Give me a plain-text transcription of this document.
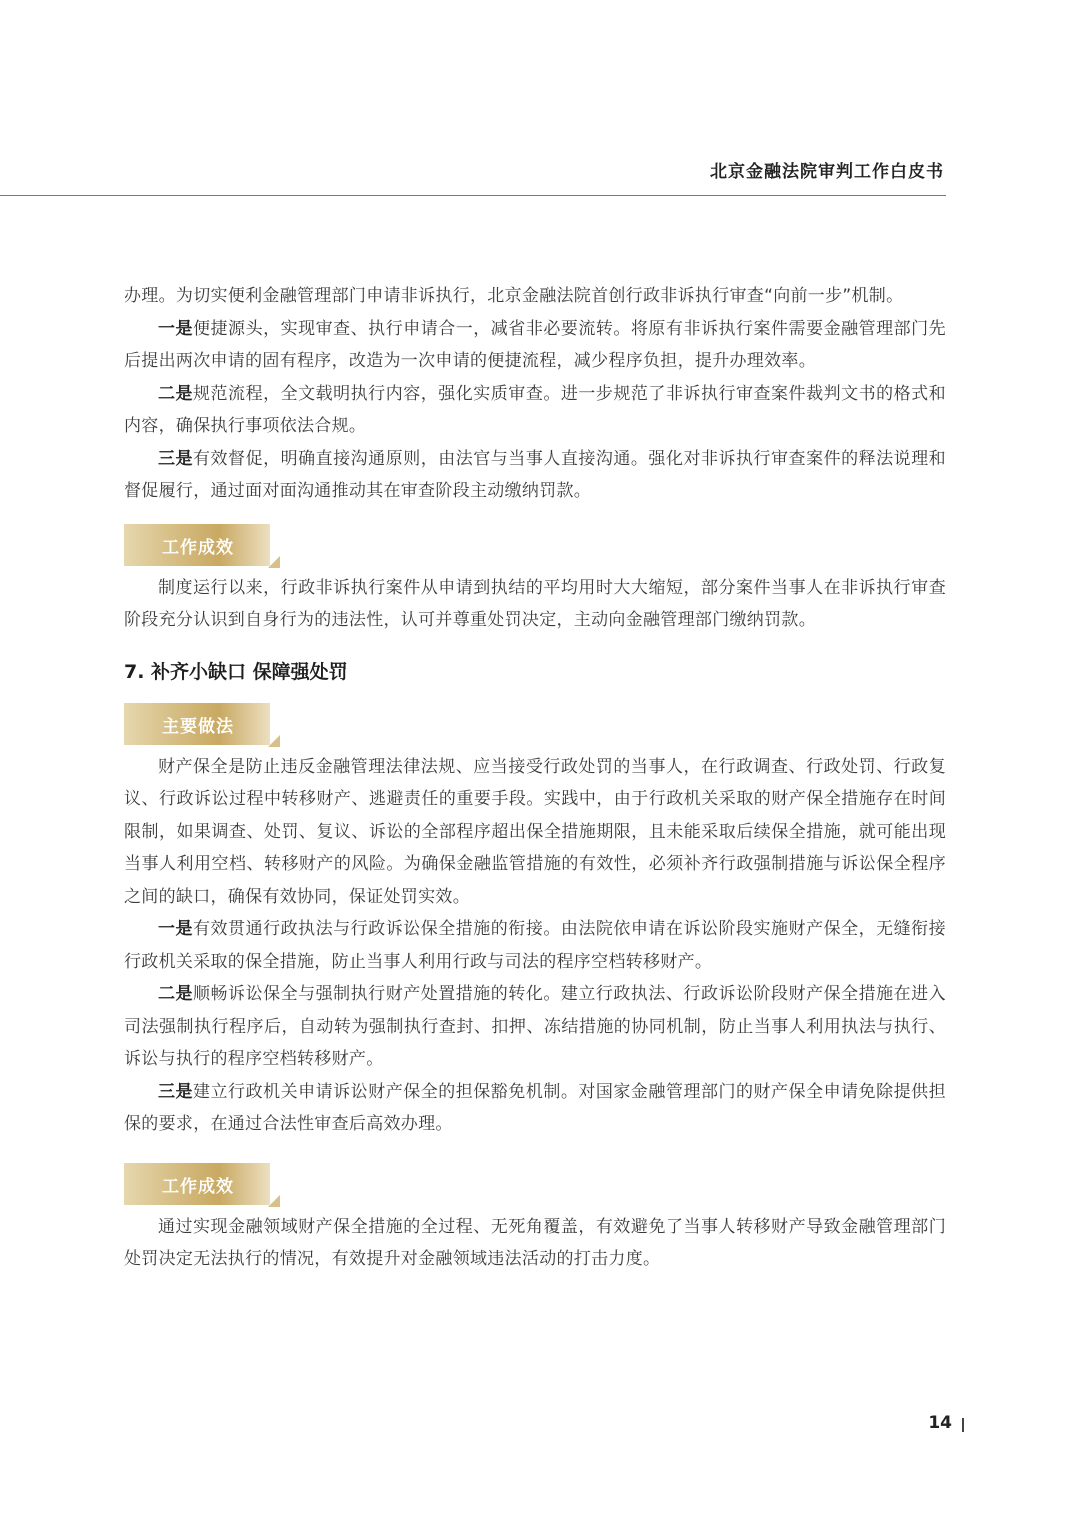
北京金融法院审判工作白皮书

办理。为切实便利金融管理部门申请非诉执行，北京金融法院首创行政非诉执行审查“向前一步”机制。

一是便捷源头，实现审查、执行申请合一，减省非必要流转。将原有非诉执行案件需要金融管理部门先后提出两次申请的固有程序，改造为一次申请的便捷流程，减少程序负担，提升办理效率。

二是规范流程，全文载明执行内容，强化实质审查。进一步规范了非诉执行审查案件裁判文书的格式和内容，确保执行事项依法合规。

三是有效督促，明确直接沟通原则，由法官与当事人直接沟通。强化对非诉执行审查案件的释法说理和督促履行，通过面对面沟通推动其在审查阶段主动缴纳罚款。

工作成效

制度运行以来，行政非诉执行案件从申请到执结的平均用时大大缩短，部分案件当事人在非诉执行审查阶段充分认识到自身行为的违法性，认可并尊重处罚决定，主动向金融管理部门缴纳罚款。

7. 补齐小缺口 保障强处罚
主要做法

财产保全是防止违反金融管理法律法规、应当接受行政处罚的当事人，在行政调查、行政处罚、行政复议、行政诉讼过程中转移财产、逃避责任的重要手段。实践中，由于行政机关采取的财产保全措施存在时间限制，如果调查、处罚、复议、诉讼的全部程序超出保全措施期限，且未能采取后续保全措施，就可能出现当事人利用空档、转移财产的风险。为确保金融监管措施的有效性，必须补齐行政强制措施与诉讼保全程序之间的缺口，确保有效协同，保证处罚实效。

一是有效贯通行政执法与行政诉讼保全措施的衔接。由法院依申请在诉讼阶段实施财产保全，无缝衔接行政机关采取的保全措施，防止当事人利用行政与司法的程序空档转移财产。

二是顺畅诉讼保全与强制执行财产处置措施的转化。建立行政执法、行政诉讼阶段财产保全措施在进入司法强制执行程序后，自动转为强制执行查封、扣押、冻结措施的协同机制，防止当事人利用执法与执行、诉讼与执行的程序空档转移财产。

三是建立行政机关申请诉讼财产保全的担保豁免机制。对国家金融管理部门的财产保全申请免除提供担保的要求，在通过合法性审查后高效办理。

工作成效

通过实现金融领域财产保全措施的全过程、无死角覆盖，有效避免了当事人转移财产导致金融管理部门处罚决定无法执行的情况，有效提升对金融领域违法活动的打击力度。

14
